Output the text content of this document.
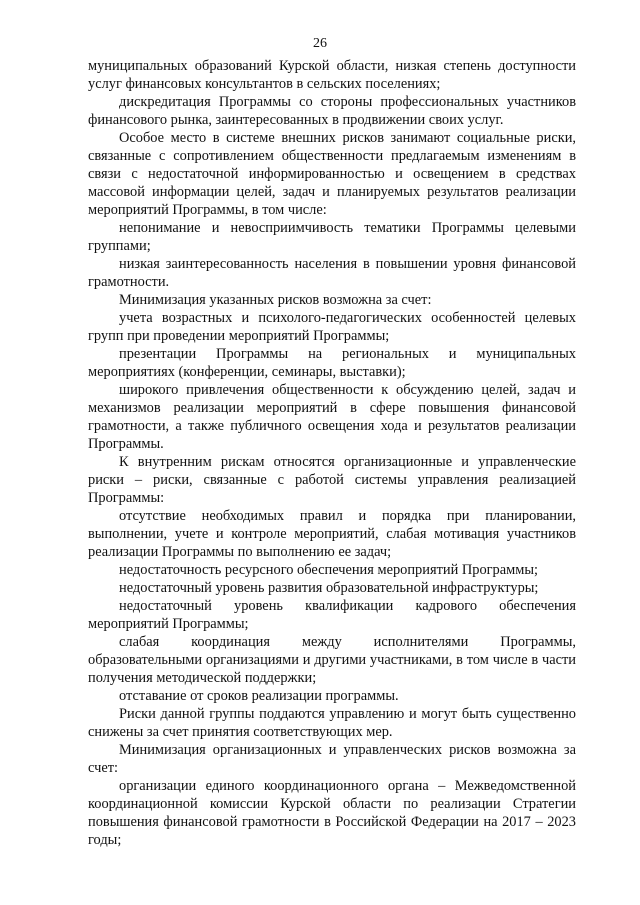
26

муниципальных образований Курской области, низкая степень доступности услуг финансовых консультантов в сельских поселениях;

дискредитация Программы со стороны профессиональных участников финансового рынка, заинтересованных в продвижении своих услуг.

Особое место в системе внешних рисков занимают социальные риски, связанные с сопротивлением общественности предлагаемым изменениям в связи с недостаточной информированностью и освещением в средствах массовой информации целей, задач и планируемых результатов реализации мероприятий Программы, в том числе:

непонимание и невосприимчивость тематики Программы целевыми группами;

низкая заинтересованность населения в повышении уровня финансовой грамотности.

Минимизация указанных рисков возможна за счет:

учета возрастных и психолого-педагогических особенностей целевых групп при проведении мероприятий Программы;

презентации Программы на региональных и муниципальных мероприятиях (конференции, семинары, выставки);

широкого привлечения общественности к обсуждению целей, задач и механизмов реализации мероприятий в сфере повышения финансовой грамотности, а также публичного освещения хода и результатов реализации Программы.

К внутренним рискам относятся организационные и управленческие риски – риски, связанные с работой системы управления реализацией Программы:

отсутствие необходимых правил и порядка при планировании, выполнении, учете и контроле мероприятий, слабая мотивация участников реализации Программы по выполнению ее задач;

недостаточность ресурсного обеспечения мероприятий Программы;

недостаточный уровень развития образовательной инфраструктуры;

недостаточный уровень квалификации кадрового обеспечения мероприятий Программы;

слабая координация между исполнителями Программы, образовательными организациями и другими участниками, в том числе в части получения методической поддержки;

отставание от сроков реализации программы.

Риски данной группы поддаются управлению и могут быть существенно снижены за счет принятия соответствующих мер.

Минимизация организационных и управленческих рисков возможна за счет:

организации единого координационного органа – Межведомственной координационной комиссии Курской области по реализации Стратегии повышения финансовой грамотности в Российской Федерации на 2017 – 2023 годы;
